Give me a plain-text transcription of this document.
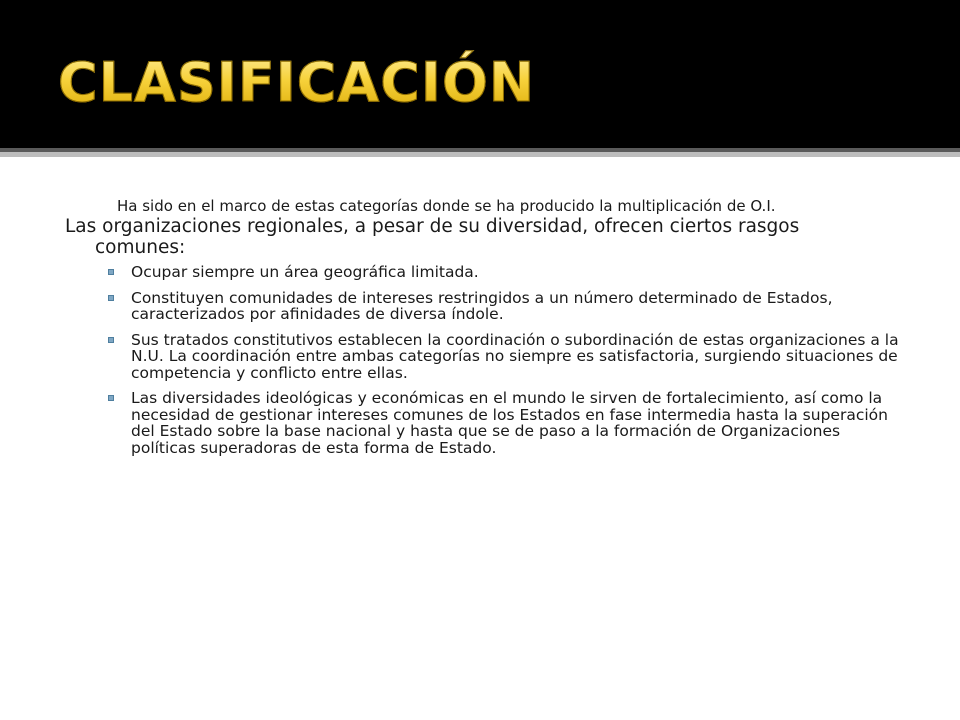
CLASIFICACIÓN

Ha sido en el marco de estas categorías donde se ha producido la multiplicación de O.I.

Las organizaciones regionales, a pesar de su diversidad, ofrecen ciertos rasgos
comunes:

Ocupar siempre un área geográfica limitada.
Constituyen comunidades de intereses restringidos a un número determinado de Estados, caracterizados por afinidades de diversa índole.
Sus tratados constitutivos establecen la coordinación o subordinación de estas organizaciones a la N.U. La coordinación entre ambas categorías no siempre es satisfactoria, surgiendo situaciones de competencia y conflicto entre ellas.
Las diversidades ideológicas y económicas en el mundo le sirven de fortalecimiento, así como la necesidad de gestionar intereses comunes de los Estados en fase intermedia hasta la superación del Estado sobre la base nacional y hasta que se de paso a la formación de Organizaciones políticas superadoras de esta forma de Estado.
